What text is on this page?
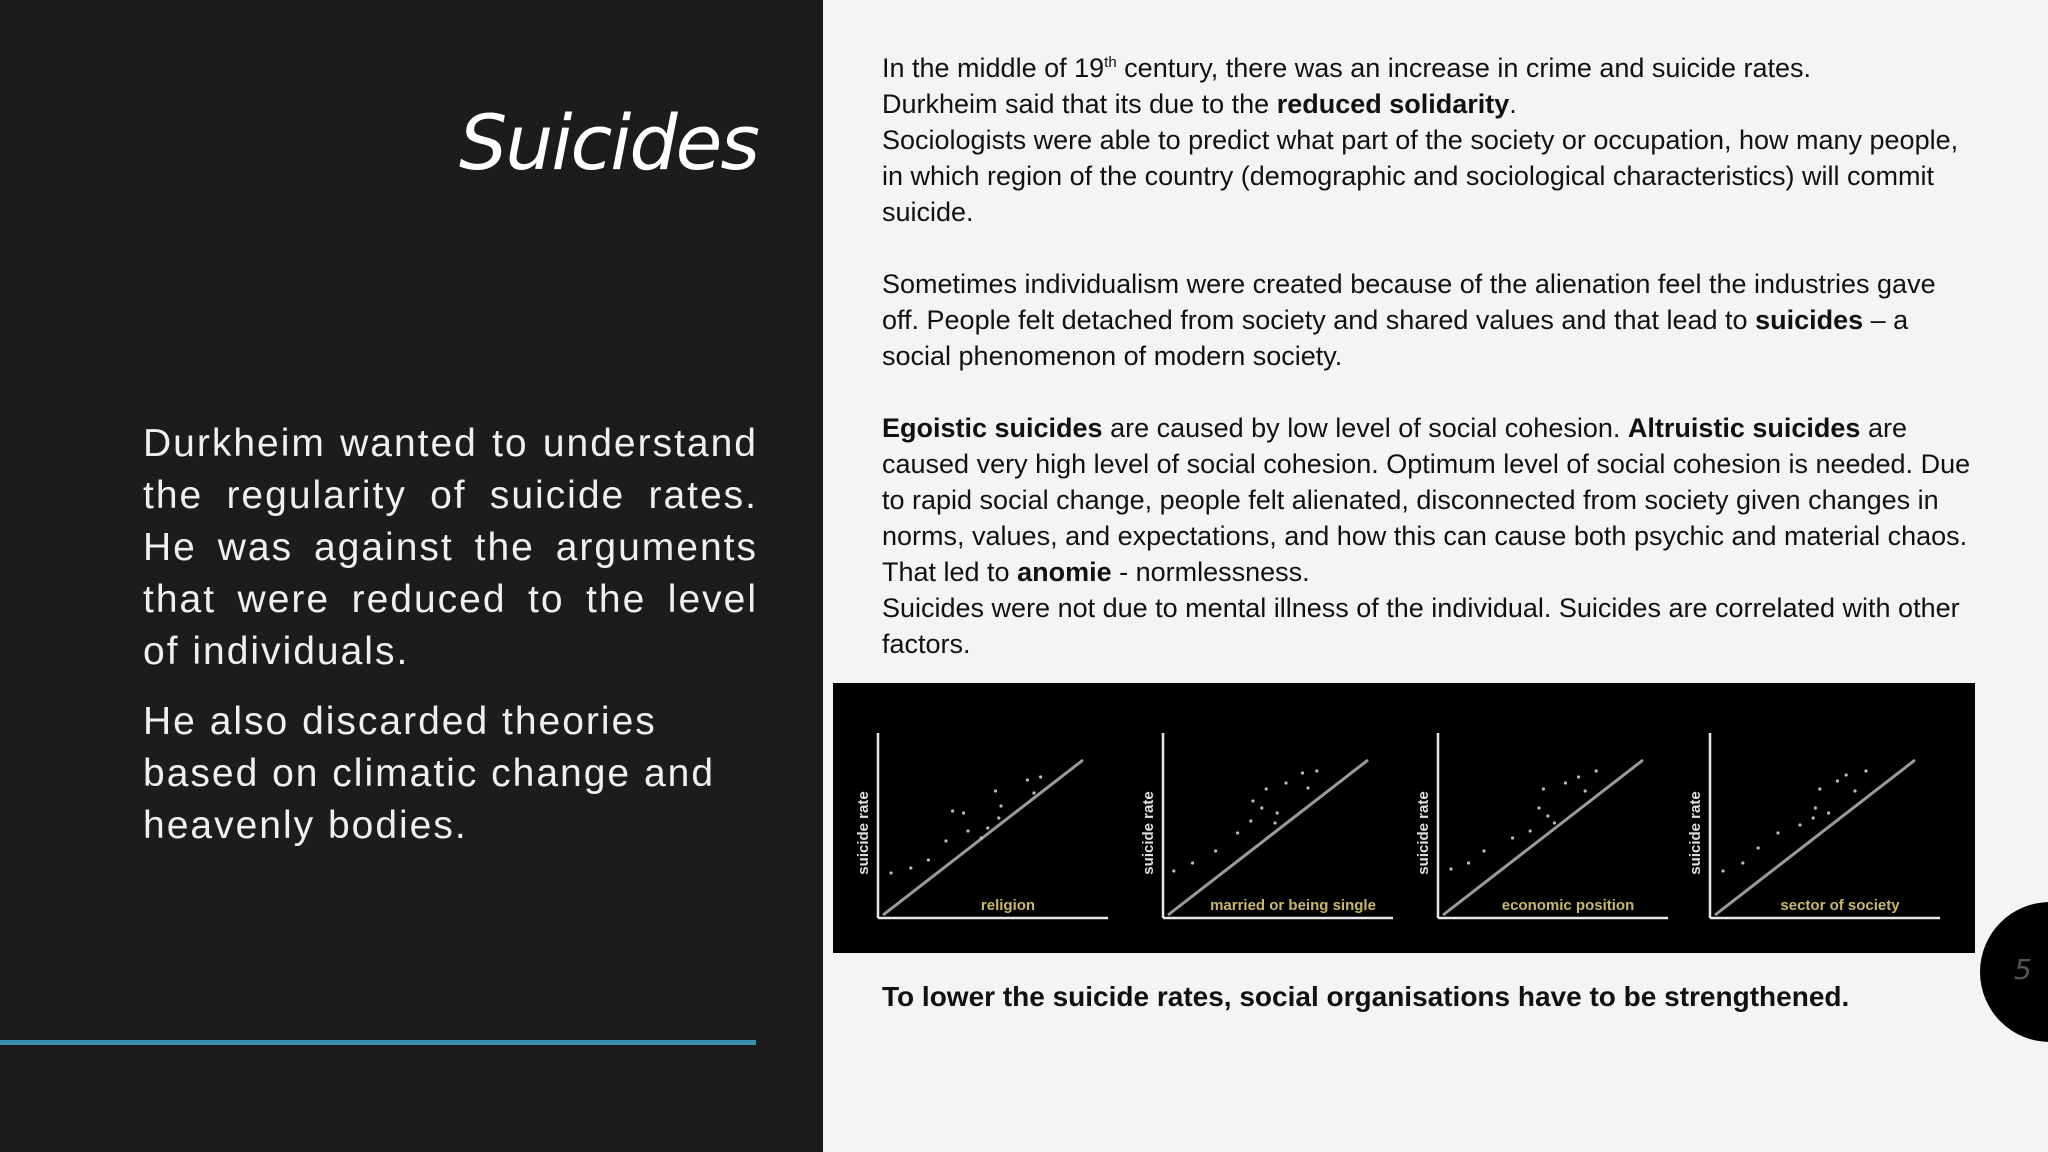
Suicides

Durkheim wanted to understand the regularity of suicide rates. He was against the arguments that were reduced to the level of individuals.

He also discarded theories based on climatic change and heavenly bodies.

In the middle of 19th century, there was an increase in crime and suicide rates.
Durkheim said that its due to the reduced solidarity.
Sociologists were able to predict what part of the society or occupation, how many people, in which region of the country (demographic and sociological characteristics) will commit suicide.

Sometimes individualism were created because of the alienation feel the industries gave off. People felt detached from society and shared values and that lead to suicides – a social phenomenon of modern society.

Egoistic suicides are caused by low level of social cohesion. Altruistic suicides are caused very high level of social cohesion. Optimum level of social cohesion is needed. Due to rapid social change, people felt alienated, disconnected from society given changes in norms, values, and expectations, and how this can cause both psychic and material chaos. That led to anomie - normlessness.
Suicides were not due to mental illness of the individual. Suicides are correlated with other factors.

suicide rate
religion
suicide rate
married or being single
suicide rate
economic position
suicide rate
sector of society

To lower the suicide rates, social organisations have to be strengthened.

5
